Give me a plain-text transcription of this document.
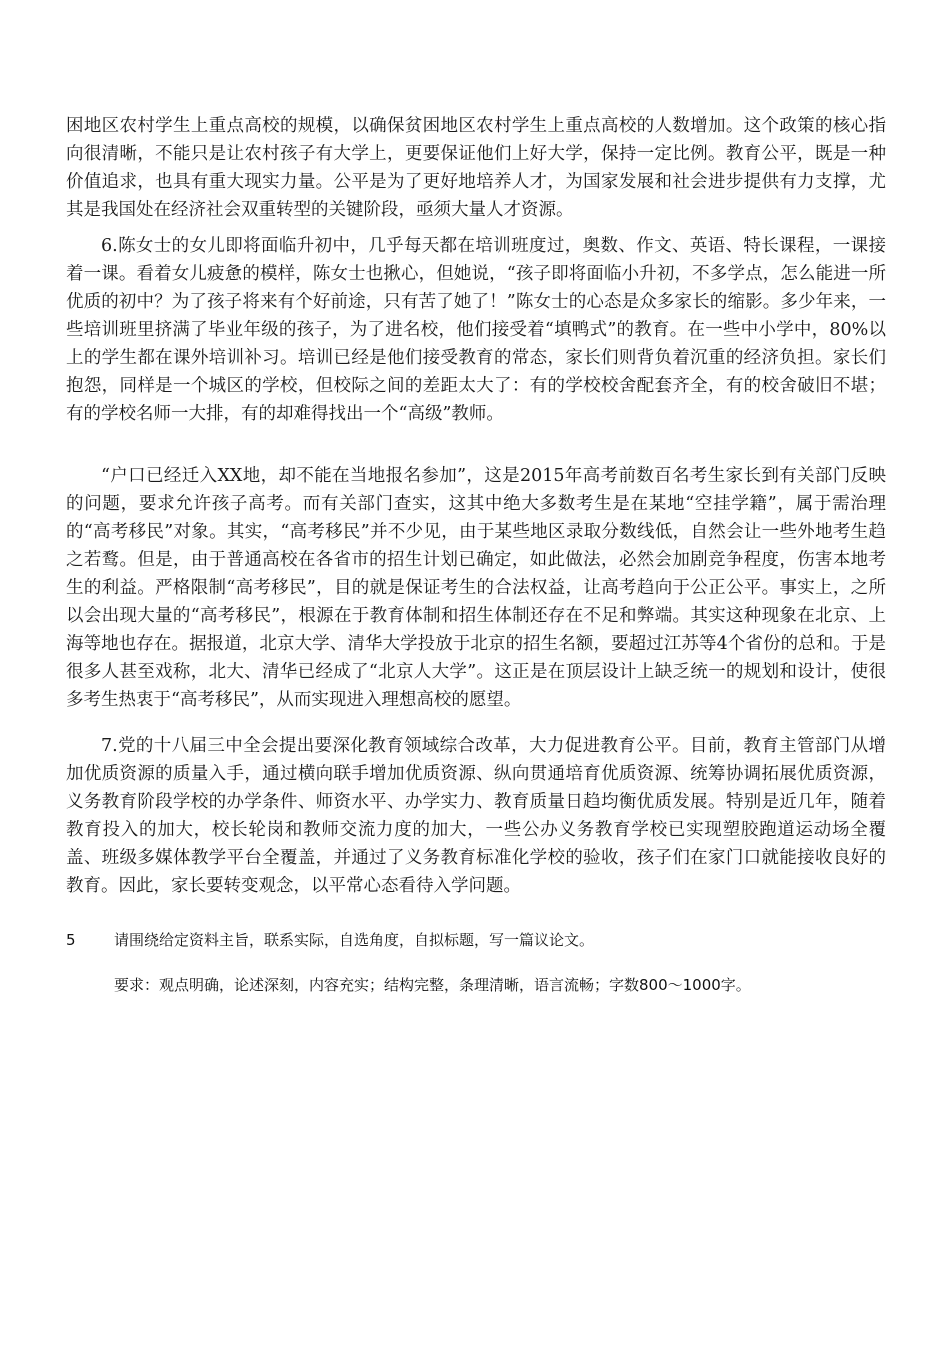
困地区农村学生上重点高校的规模，以确保贫困地区农村学生上重点高校的人数增加。这个政策的核心指向很清晰，不能只是让农村孩子有大学上，更要保证他们上好大学，保持一定比例。教育公平，既是一种价值追求，也具有重大现实力量。公平是为了更好地培养人才，为国家发展和社会进步提供有力支撑，尤其是我国处在经济社会双重转型的关键阶段，亟须大量人才资源。

6.陈女士的女儿即将面临升初中，几乎每天都在培训班度过，奥数、作文、英语、特长课程，一课接着一课。看着女儿疲惫的模样，陈女士也揪心，但她说，“孩子即将面临小升初，不多学点，怎么能进一所优质的初中？为了孩子将来有个好前途，只有苦了她了！”陈女士的心态是众多家长的缩影。多少年来，一些培训班里挤满了毕业年级的孩子，为了进名校，他们接受着“填鸭式”的教育。在一些中小学中，80%以上的学生都在课外培训补习。培训已经是他们接受教育的常态，家长们则背负着沉重的经济负担。家长们抱怨，同样是一个城区的学校，但校际之间的差距太大了：有的学校校舍配套齐全，有的校舍破旧不堪；有的学校名师一大排，有的却难得找出一个“高级”教师。

“户口已经迁入XX地，却不能在当地报名参加”，这是2015年高考前数百名考生家长到有关部门反映的问题，要求允许孩子高考。而有关部门查实，这其中绝大多数考生是在某地“空挂学籍”，属于需治理的“高考移民”对象。其实，“高考移民”并不少见，由于某些地区录取分数线低，自然会让一些外地考生趋之若鹜。但是，由于普通高校在各省市的招生计划已确定，如此做法，必然会加剧竞争程度，伤害本地考生的利益。严格限制“高考移民”，目的就是保证考生的合法权益，让高考趋向于公正公平。事实上，之所以会出现大量的“高考移民”，根源在于教育体制和招生体制还存在不足和弊端。其实这种现象在北京、上海等地也存在。据报道，北京大学、清华大学投放于北京的招生名额，要超过江苏等4个省份的总和。于是很多人甚至戏称，北大、清华已经成了“北京人大学”。这正是在顶层设计上缺乏统一的规划和设计，使很多考生热衷于“高考移民”，从而实现进入理想高校的愿望。

7.党的十八届三中全会提出要深化教育领域综合改革，大力促进教育公平。目前，教育主管部门从增加优质资源的质量入手，通过横向联手增加优质资源、纵向贯通培育优质资源、统筹协调拓展优质资源，义务教育阶段学校的办学条件、师资水平、办学实力、教育质量日趋均衡优质发展。特别是近几年，随着教育投入的加大，校长轮岗和教师交流力度的加大，一些公办义务教育学校已实现塑胶跑道运动场全覆盖、班级多媒体教学平台全覆盖，并通过了义务教育标准化学校的验收，孩子们在家门口就能接收良好的教育。因此，家长要转变观念，以平常心态看待入学问题。

5	请围绕给定资料主旨，联系实际，自选角度，自拟标题，写一篇议论文。
要求：观点明确，论述深刻，内容充实；结构完整，条理清晰，语言流畅；字数800～1000字。
